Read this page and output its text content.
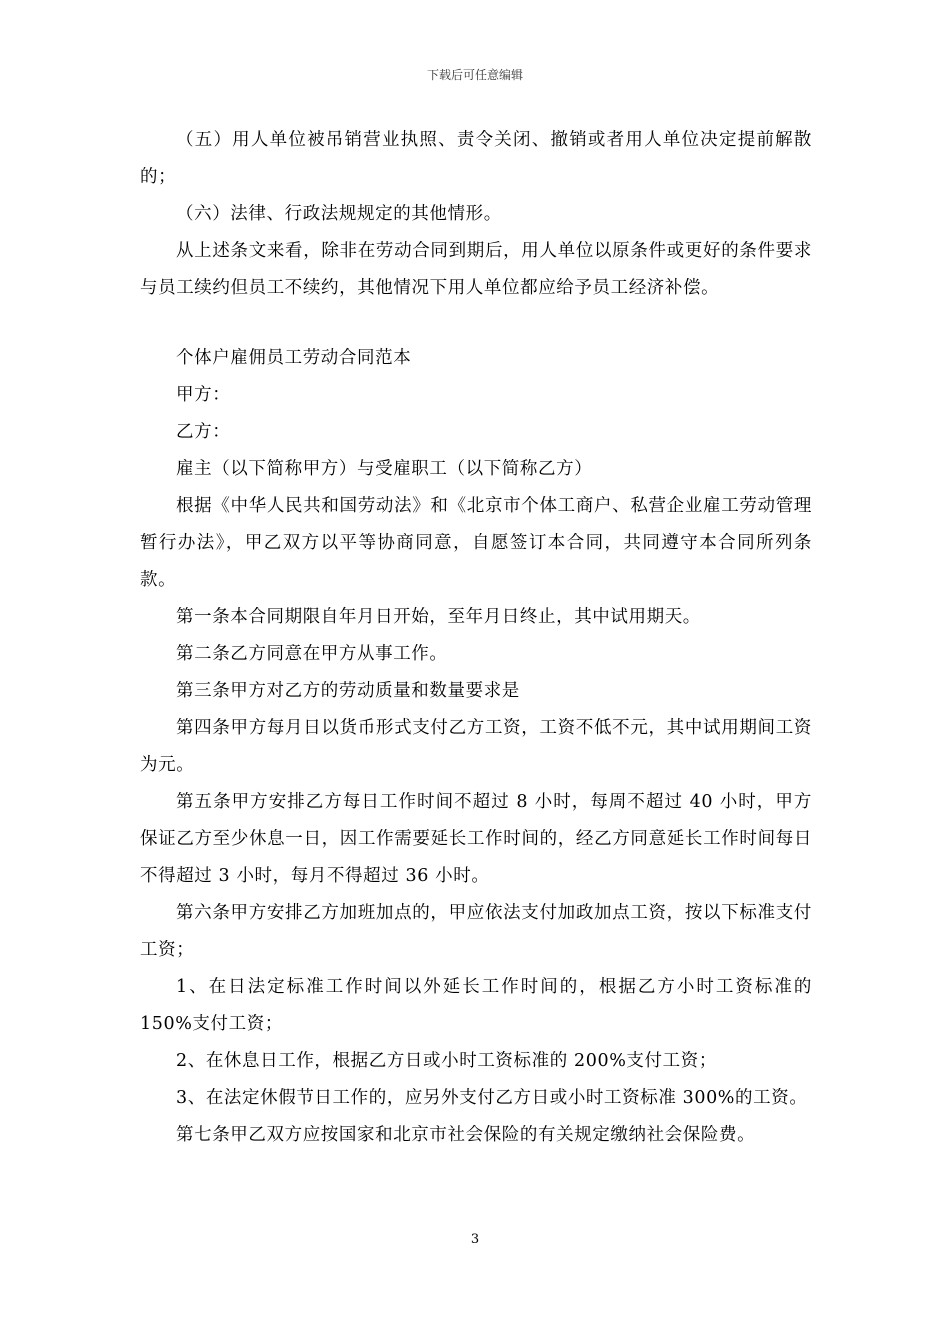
下载后可任意编辑

（五）用人单位被吊销营业执照、责令关闭、撤销或者用人单位决定提前解散的；

（六）法律、行政法规规定的其他情形。

从上述条文来看，除非在劳动合同到期后，用人单位以原条件或更好的条件要求与员工续约但员工不续约，其他情况下用人单位都应给予员工经济补偿。

个体户雇佣员工劳动合同范本

甲方：

乙方：

雇主（以下简称甲方）与受雇职工（以下简称乙方）

根据《中华人民共和国劳动法》和《北京市个体工商户、私营企业雇工劳动管理暂行办法》，甲乙双方以平等协商同意，自愿签订本合同，共同遵守本合同所列条款。

第一条本合同期限自年月日开始，至年月日终止，其中试用期天。

第二条乙方同意在甲方从事工作。

第三条甲方对乙方的劳动质量和数量要求是

第四条甲方每月日以货币形式支付乙方工资，工资不低不元，其中试用期间工资为元。

第五条甲方安排乙方每日工作时间不超过 8 小时，每周不超过 40 小时，甲方保证乙方至少休息一日，因工作需要延长工作时间的，经乙方同意延长工作时间每日不得超过 3 小时，每月不得超过 36 小时。

第六条甲方安排乙方加班加点的，甲应依法支付加政加点工资，按以下标准支付工资；

1、在日法定标准工作时间以外延长工作时间的，根据乙方小时工资标准的 150%支付工资；

2、在休息日工作，根据乙方日或小时工资标准的 200%支付工资；

3、在法定休假节日工作的，应另外支付乙方日或小时工资标准 300%的工资。

第七条甲乙双方应按国家和北京市社会保险的有关规定缴纳社会保险费。

3
